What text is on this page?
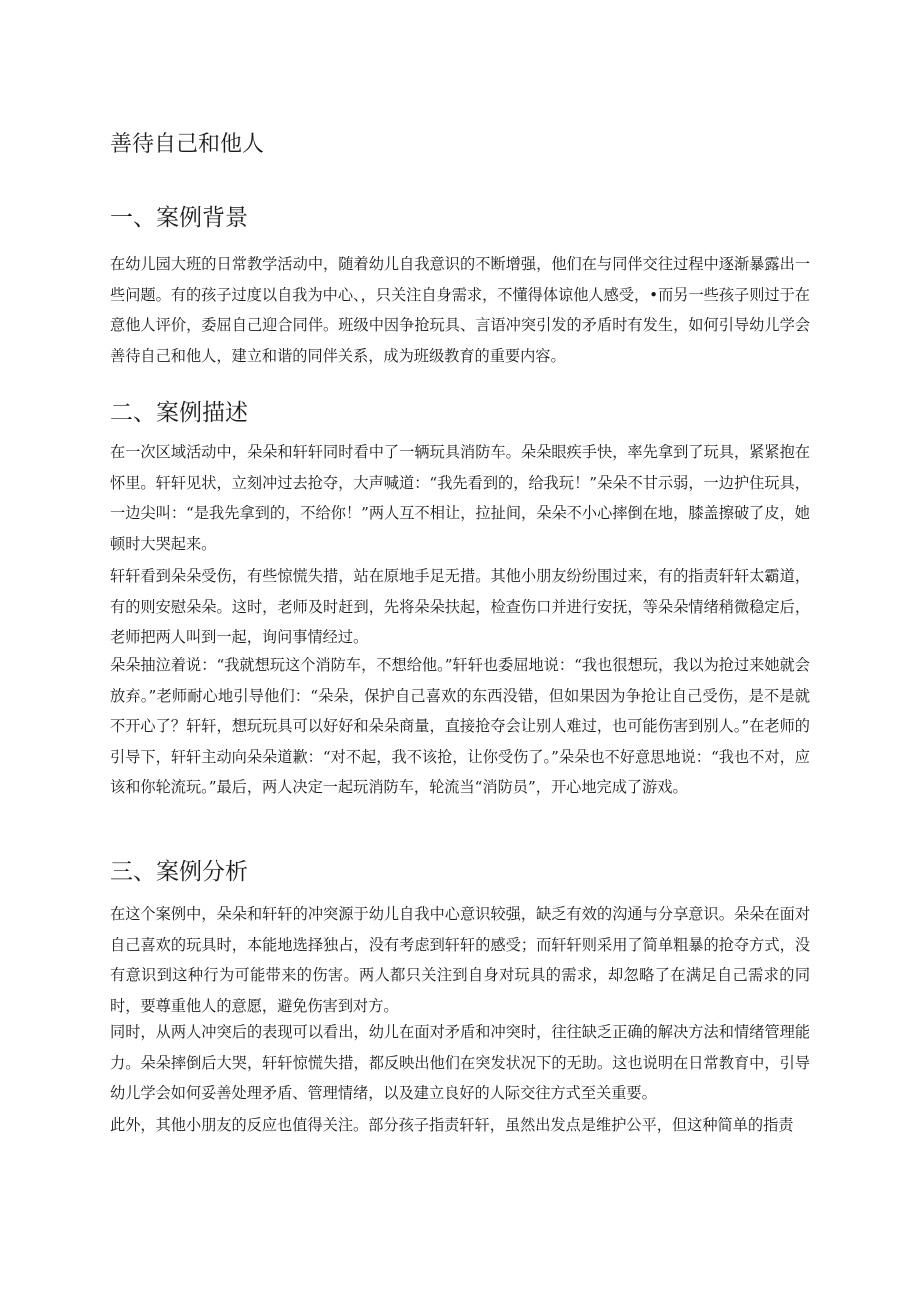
善待自己和他人
一、案例背景

在幼儿园大班的日常教学活动中，随着幼儿自我意识的不断增强，他们在与同伴交往过程中逐渐暴露出一些问题。有的孩子过度以自我为中心、，只关注自身需求，不懂得体谅他人感受，•而另一些孩子则过于在意他人评价，委屈自己迎合同伴。班级中因争抢玩具、言语冲突引发的矛盾时有发生，如何引导幼儿学会善待自己和他人，建立和谐的同伴关系，成为班级教育的重要内容。

二、案例描述

在一次区域活动中，朵朵和轩轩同时看中了一辆玩具消防车。朵朵眼疾手快，率先拿到了玩具，紧紧抱在怀里。轩轩见状，立刻冲过去抢夺，大声喊道：“我先看到的，给我玩！”朵朵不甘示弱，一边护住玩具，一边尖叫：“是我先拿到的，不给你！”两人互不相让，拉扯间，朵朵不小心摔倒在地，膝盖擦破了皮，她顿时大哭起来。

轩轩看到朵朵受伤，有些惊慌失措，站在原地手足无措。其他小朋友纷纷围过来，有的指责轩轩太霸道，有的则安慰朵朵。这时，老师及时赶到，先将朵朵扶起，检查伤口并进行安抚，等朵朵情绪稍微稳定后，老师把两人叫到一起，询问事情经过。

朵朵抽泣着说：“我就想玩这个消防车，不想给他。”轩轩也委屈地说：“我也很想玩，我以为抢过来她就会放弃。”老师耐心地引导他们：“朵朵，保护自己喜欢的东西没错，但如果因为争抢让自己受伤，是不是就不开心了？轩轩，想玩玩具可以好好和朵朵商量，直接抢夺会让别人难过，也可能伤害到别人。”在老师的引导下，轩轩主动向朵朵道歉：“对不起，我不该抢，让你受伤了。”朵朵也不好意思地说：“我也不对，应该和你轮流玩。”最后，两人决定一起玩消防车，轮流当“消防员”，开心地完成了游戏。

三、案例分析

在这个案例中，朵朵和轩轩的冲突源于幼儿自我中心意识较强，缺乏有效的沟通与分享意识。朵朵在面对自己喜欢的玩具时，本能地选择独占，没有考虑到轩轩的感受；而轩轩则采用了简单粗暴的抢夺方式，没有意识到这种行为可能带来的伤害。两人都只关注到自身对玩具的需求，却忽略了在满足自己需求的同时，要尊重他人的意愿，避免伤害到对方。

同时，从两人冲突后的表现可以看出，幼儿在面对矛盾和冲突时，往往缺乏正确的解决方法和情绪管理能力。朵朵摔倒后大哭，轩轩惊慌失措，都反映出他们在突发状况下的无助。这也说明在日常教育中，引导幼儿学会如何妥善处理矛盾、管理情绪，以及建立良好的人际交往方式至关重要。

此外，其他小朋友的反应也值得关注。部分孩子指责轩轩，虽然出发点是维护公平，但这种简单的指责
